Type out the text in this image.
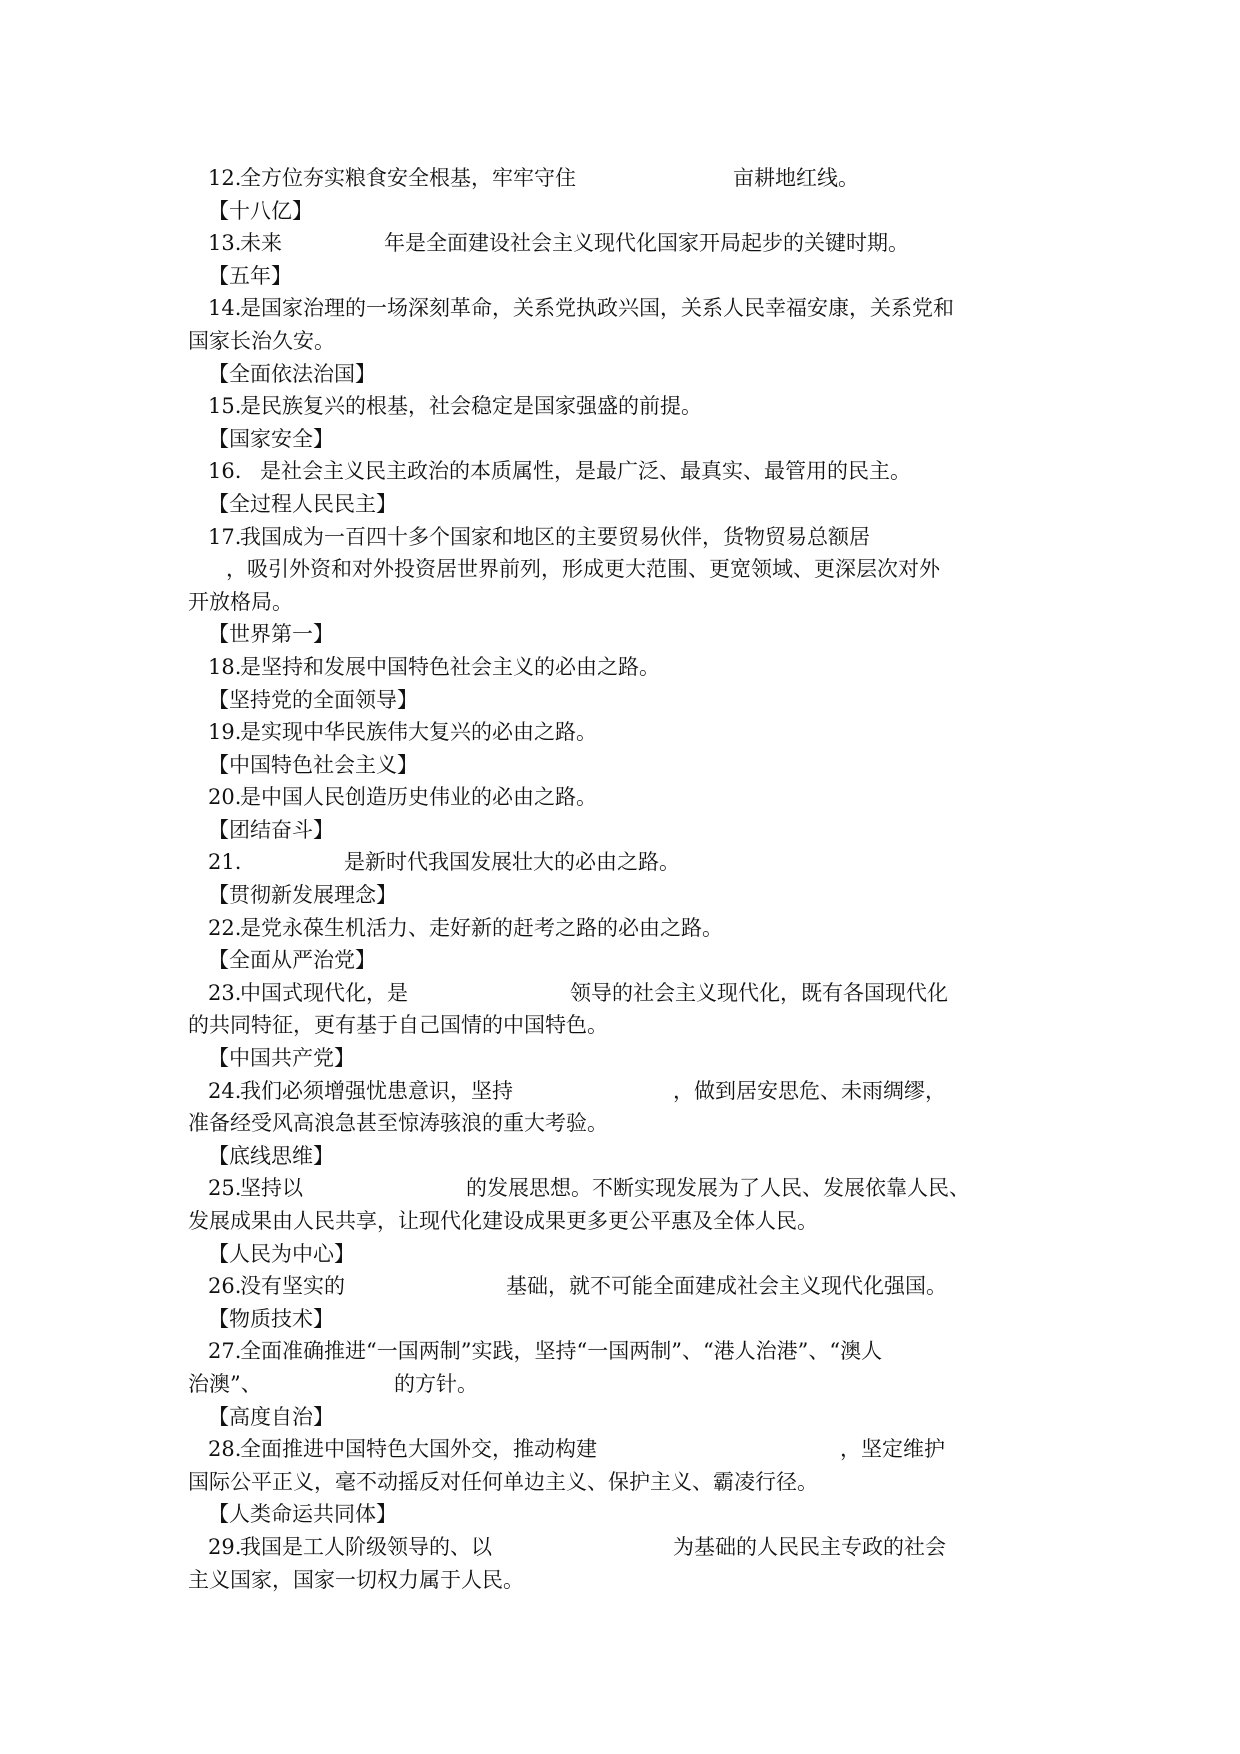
12.
全方位夯实粮食安全根基，牢牢守住	亩耕地红线。
【十八亿】
13.
未来	年是全面建设社会主义现代化国家开局起步的关键时期。
【五年】
14.
是国家治理的一场深刻革命，关系党执政兴国，关系人民幸福安康，关系党和
国家长治久安。
【全面依法治国】
15.
是民族复兴的根基，社会稳定是国家强盛的前提。
【国家安全】
16. 是社会主义民主政治的本质属性，是最广泛、最真实、最管用的民主。
【全过程人民民主】
17.
我国成为一百四十多个国家和地区的主要贸易伙伴，货物贸易总额居
，吸引外资和对外投资居世界前列，形成更大范围、更宽领域、更深层次对外
开放格局。
【世界第一】
18.
是坚持和发展中国特色社会主义的必由之路。
【坚持党的全面领导】
19.
是实现中华民族伟大复兴的必由之路。
【中国特色社会主义】
20.
是中国人民创造历史伟业的必由之路。
【团结奋斗】
21.	是新时代我国发展壮大的必由之路。
【贯彻新发展理念】
22.
是党永葆生机活力、走好新的赶考之路的必由之路。
【全面从严治党】
23.
中国式现代化，是	领导的社会主义现代化，既有各国现代化
的共同特征，更有基于自己国情的中国特色。
【中国共产党】
24.
我们必须增强忧患意识，坚持	，做到居安思危、未雨绸缪，
准备经受风高浪急甚至惊涛骇浪的重大考验。
【底线思维】
25.
坚持以	的发展思想。不断实现发展为了人民、发展依靠人民、
发展成果由人民共享，让现代化建设成果更多更公平惠及全体人民。
【人民为中心】
26.
没有坚实的	基础，就不可能全面建成社会主义现代化强国。
【物质技术】
27.
全面准确推进“一国两制”实践，坚持“一国两制”、“港人治港”、“澳人
治澳”、	的方针。
【高度自治】
28.
全面推进中国特色大国外交，推动构建	，坚定维护
国际公平正义，毫不动摇反对任何单边主义、保护主义、霸凌行径。
【人类命运共同体】
29.
我国是工人阶级领导的、以	为基础的人民民主专政的社会
主义国家，国家一切权力属于人民。
